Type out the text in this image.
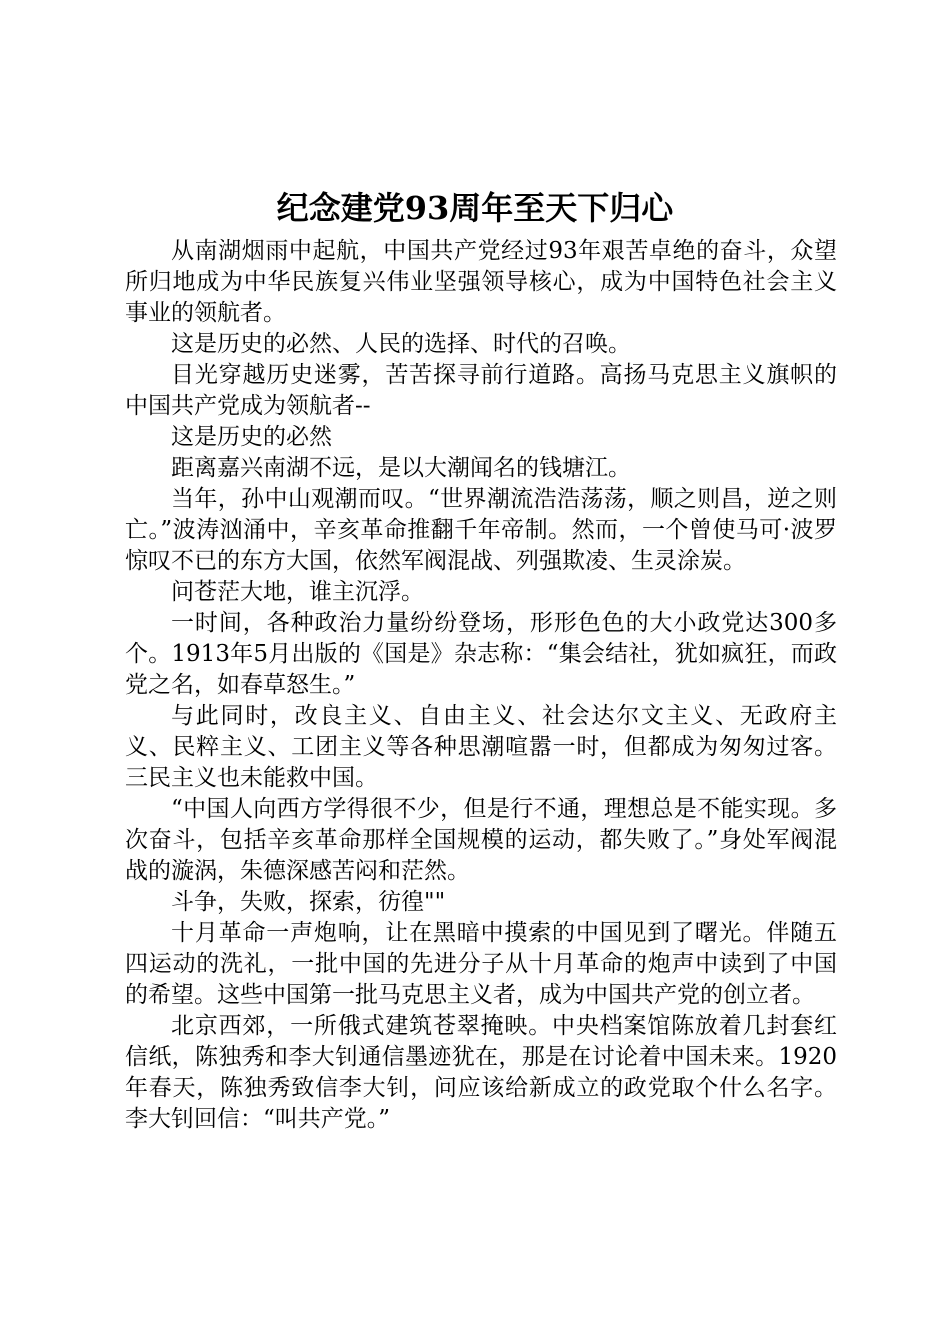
纪念建党93周年至天下归心

从南湖烟雨中起航，中国共产党经过93年艰苦卓绝的奋斗，众望所归地成为中华民族复兴伟业坚强领导核心，成为中国特色社会主义事业的领航者。

这是历史的必然、人民的选择、时代的召唤。

目光穿越历史迷雾，苦苦探寻前行道路。高扬马克思主义旗帜的中国共产党成为领航者--

这是历史的必然

距离嘉兴南湖不远，是以大潮闻名的钱塘江。

当年，孙中山观潮而叹。“世界潮流浩浩荡荡，顺之则昌，逆之则亡。”波涛汹涌中，辛亥革命推翻千年帝制。然而，一个曾使马可·波罗惊叹不已的东方大国，依然军阀混战、列强欺凌、生灵涂炭。

问苍茫大地，谁主沉浮。

一时间，各种政治力量纷纷登场，形形色色的大小政党达300多个。1913年5月出版的《国是》杂志称：“集会结社，犹如疯狂，而政党之名，如春草怒生。”

与此同时，改良主义、自由主义、社会达尔文主义、无政府主义、民粹主义、工团主义等各种思潮喧嚣一时，但都成为匆匆过客。三民主义也未能救中国。

“中国人向西方学得很不少，但是行不通，理想总是不能实现。多次奋斗，包括辛亥革命那样全国规模的运动，都失败了。”身处军阀混战的漩涡，朱德深感苦闷和茫然。

斗争，失败，探索，彷徨""

十月革命一声炮响，让在黑暗中摸索的中国见到了曙光。伴随五四运动的洗礼，一批中国的先进分子从十月革命的炮声中读到了中国的希望。这些中国第一批马克思主义者，成为中国共产党的创立者。

北京西郊，一所俄式建筑苍翠掩映。中央档案馆陈放着几封套红信纸，陈独秀和李大钊通信墨迹犹在，那是在讨论着中国未来。1920年春天，陈独秀致信李大钊，问应该给新成立的政党取个什么名字。李大钊回信：“叫共产党。”
